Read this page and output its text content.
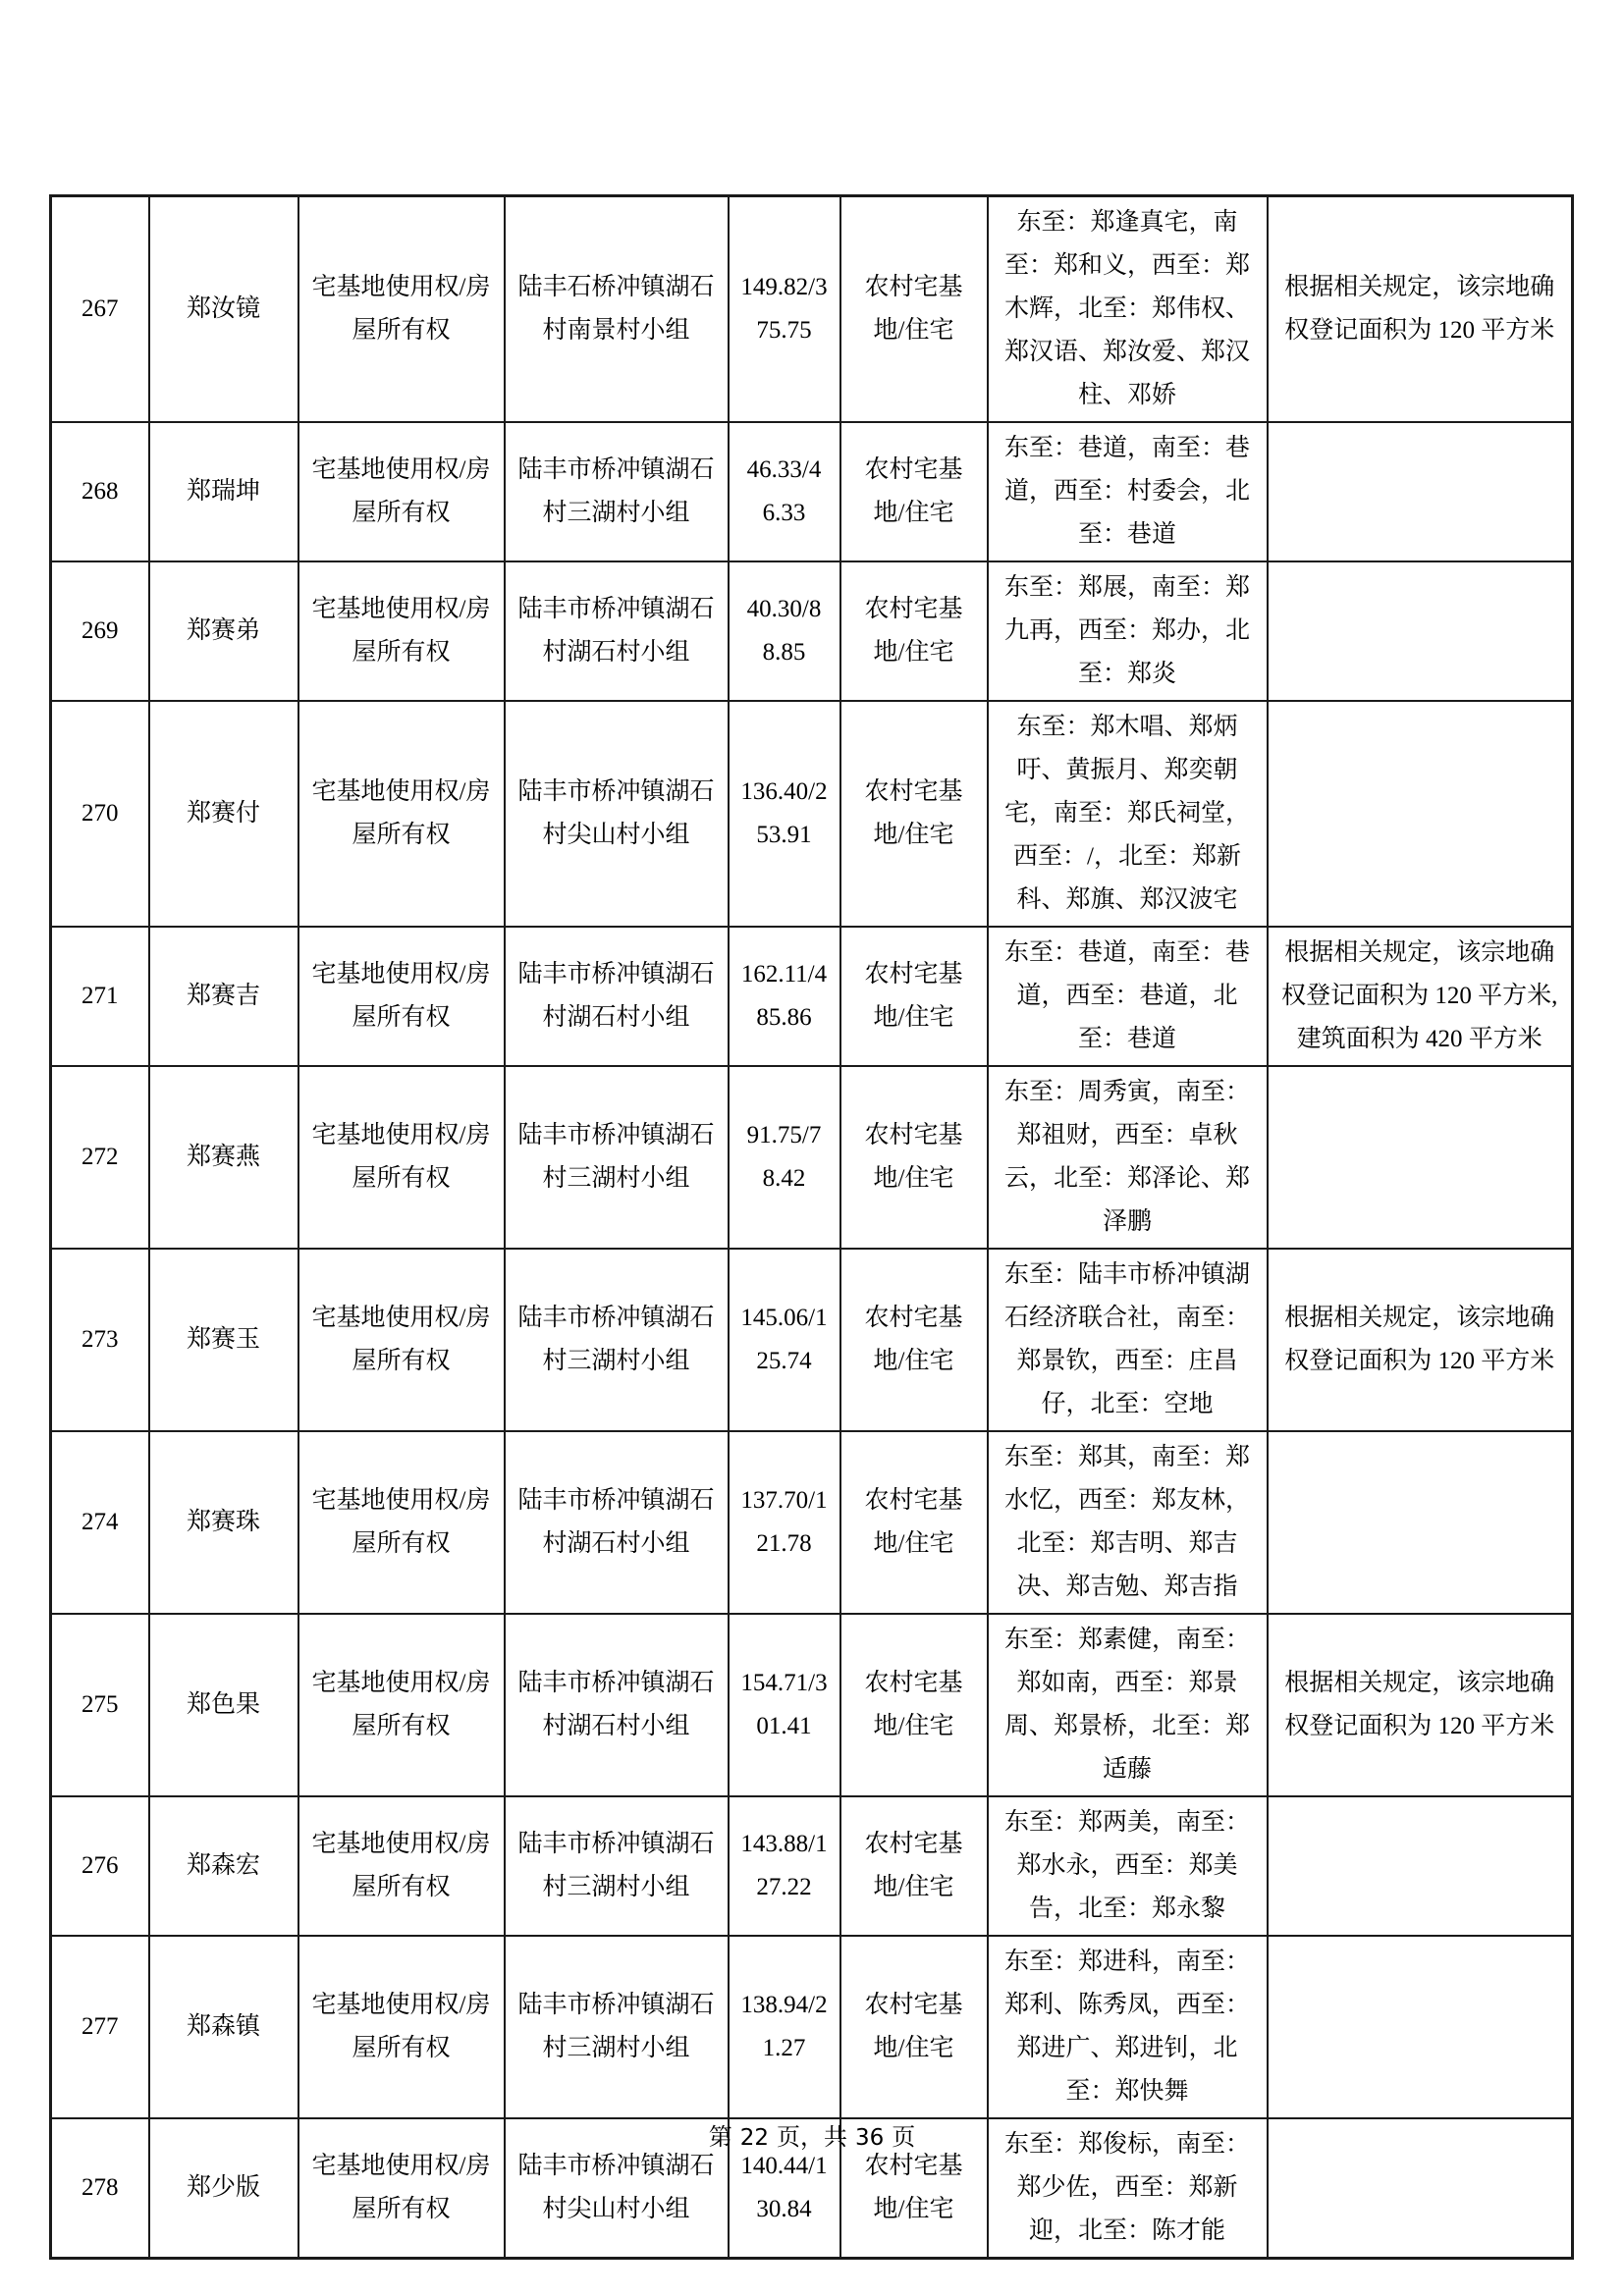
267	郑汝镜	宅基地使用权/房屋所有权	陆丰石桥冲镇湖石村南景村小组	149.82/375.75	农村宅基地/住宅	东至：郑逢真宅，南至：郑和义，西至：郑木辉，北至：郑伟权、郑汉语、郑汝爱、郑汉柱、邓娇	根据相关规定，该宗地确权登记面积为 120 平方米
268	郑瑞坤	宅基地使用权/房屋所有权	陆丰市桥冲镇湖石村三湖村小组	46.33/46.33	农村宅基地/住宅	东至：巷道，南至：巷道，西至：村委会，北至：巷道	
269	郑赛弟	宅基地使用权/房屋所有权	陆丰市桥冲镇湖石村湖石村小组	40.30/88.85	农村宅基地/住宅	东至：郑展，南至：郑九再，西至：郑办，北至：郑炎	
270	郑赛付	宅基地使用权/房屋所有权	陆丰市桥冲镇湖石村尖山村小组	136.40/253.91	农村宅基地/住宅	东至：郑木唱、郑炳吁、黄振月、郑奕朝宅，南至：郑氏祠堂，西至：/，北至：郑新科、郑旗、郑汉波宅	
271	郑赛吉	宅基地使用权/房屋所有权	陆丰市桥冲镇湖石村湖石村小组	162.11/485.86	农村宅基地/住宅	东至：巷道，南至：巷道，西至：巷道，北至：巷道	根据相关规定，该宗地确权登记面积为 120 平方米,建筑面积为 420 平方米
272	郑赛燕	宅基地使用权/房屋所有权	陆丰市桥冲镇湖石村三湖村小组	91.75/78.42	农村宅基地/住宅	东至：周秀寅，南至：郑祖财，西至：卓秋云，北至：郑泽论、郑泽鹏	
273	郑赛玉	宅基地使用权/房屋所有权	陆丰市桥冲镇湖石村三湖村小组	145.06/125.74	农村宅基地/住宅	东至：陆丰市桥冲镇湖石经济联合社，南至：郑景钦，西至：庄昌仔，北至：空地	根据相关规定，该宗地确权登记面积为 120 平方米
274	郑赛珠	宅基地使用权/房屋所有权	陆丰市桥冲镇湖石村湖石村小组	137.70/121.78	农村宅基地/住宅	东至：郑其，南至：郑水忆，西至：郑友林，北至：郑吉明、郑吉决、郑吉勉、郑吉指	
275	郑色果	宅基地使用权/房屋所有权	陆丰市桥冲镇湖石村湖石村小组	154.71/301.41	农村宅基地/住宅	东至：郑素健，南至：郑如南，西至：郑景周、郑景桥，北至：郑适藤	根据相关规定，该宗地确权登记面积为 120 平方米
276	郑森宏	宅基地使用权/房屋所有权	陆丰市桥冲镇湖石村三湖村小组	143.88/127.22	农村宅基地/住宅	东至：郑两美，南至：郑水永，西至：郑美告，北至：郑永黎	
277	郑森镇	宅基地使用权/房屋所有权	陆丰市桥冲镇湖石村三湖村小组	138.94/21.27	农村宅基地/住宅	东至：郑进科，南至：郑利、陈秀凤，西至：郑进广、郑进钊，北至：郑快舞	
278	郑少版	宅基地使用权/房屋所有权	陆丰市桥冲镇湖石村尖山村小组	140.44/130.84	农村宅基地/住宅	东至：郑俊标，南至：郑少佐，西至：郑新迎，北至：陈才能	
第 22 页，共 36 页
